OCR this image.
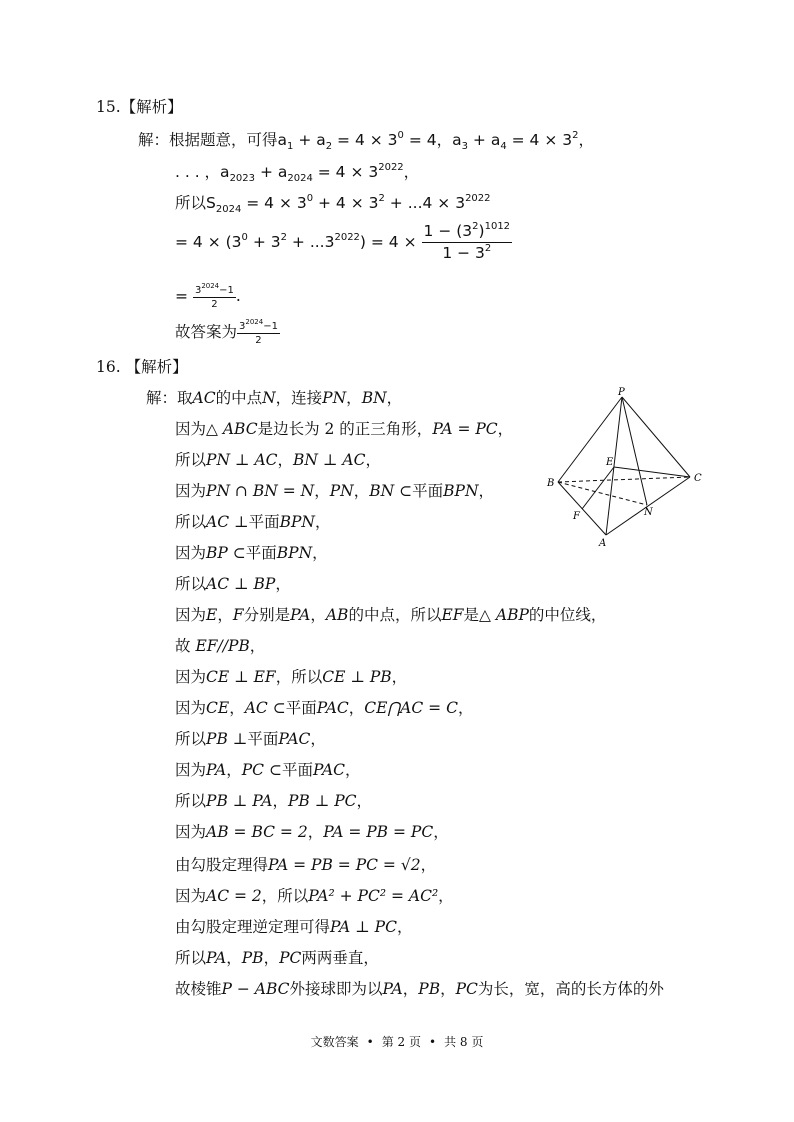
15.【解析】
解：根据题意，可得$a_1 + a_2 = 4 \times 3^0 = 4$，$a_3 + a_4 = 4 \times 3^2$，
. . . ，$a_{2023} + a_{2024} = 4 \times 3^{2022}$，
所以$S_{2024} = 4 \times 3^0 + 4 \times 3^2 + ...4 \times 3^{2022}$
= $4 \times (3^0 + 3^2 + ...3^{2022}) = 4 \times \frac{1 - (3^2)^{1012}}{1 - 3^2}$
= $\frac{3^{2024}-1}{2}$ .
故答案为 $\frac{3^{2024}-1}{2}$
16. 【解析】
解：取AC的中点N，连接PN，BN，
因为△ ABC是边长为 2 的正三角形，PA = PC，
所以PN ⊥ AC，BN ⊥ AC，
因为PN ∩ BN = N，PN，BN ⊂平面BPN，
所以AC ⊥平面BPN，
因为BP ⊂平面BPN，
所以AC ⊥ BP，
因为E，F分别是PA，AB的中点，所以EF是△ ABP的中位线，
故 EF//PB，
因为CE ⊥ EF，所以CE ⊥ PB，
因为CE，AC ⊂平面PAC，CE⋂AC = C，
所以PB ⊥平面PAC，
因为PA，PC ⊂平面PAC，
所以PB ⊥ PA，PB ⊥ PC，
因为AB = BC = 2，PA = PB = PC，
由勾股定理得PA = PB = PC = √2，
因为AC = 2，所以PA² + PC² = AC²，
由勾股定理逆定理可得PA ⊥ PC，
所以PA，PB，PC两两垂直，
故棱锥P − ABC外接球即为以PA，PB，PC为长，宽，高的长方体的外
P
E
B	C
F	N
A
文数答案 • 第 2 页 • 共 8 页
